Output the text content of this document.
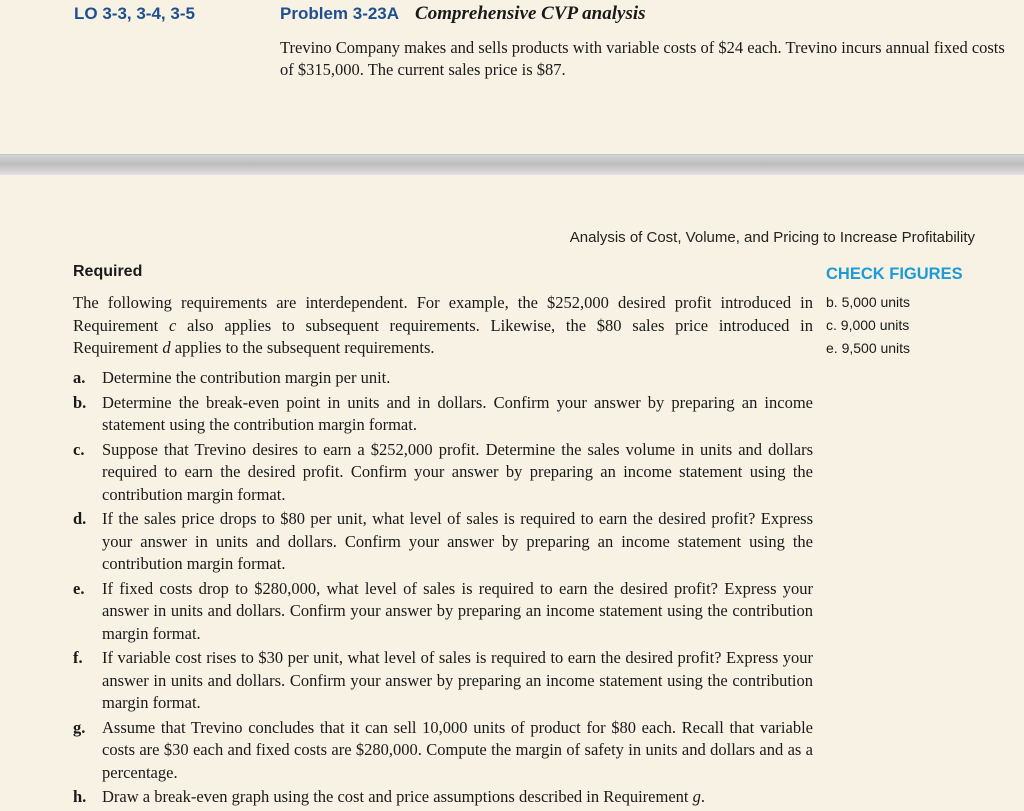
LO 3-3, 3-4, 3-5	Problem 3-23A Comprehensive CVP analysis
Trevino Company makes and sells products with variable costs of $24 each. Trevino incurs annual fixed costs of $315,000. The current sales price is $87.
Analysis of Cost, Volume, and Pricing to Increase Profitability
Required
The following requirements are interdependent. For example, the $252,000 desired profit introduced in Requirement c also applies to subsequent requirements. Likewise, the $80 sales price introduced in Requirement d applies to the subsequent requirements.
CHECK FIGURES
b. 5,000 units
c. 9,000 units
e. 9,500 units
a.	Determine the contribution margin per unit.
b. Determine the break-even point in units and in dollars. Confirm your answer by preparing an income statement using the contribution margin format.
c.	Suppose that Trevino desires to earn a $252,000 profit. Determine the sales volume in units and dollars required to earn the desired profit. Confirm your answer by preparing an income statement using the contribution margin format.
d. If the sales price drops to $80 per unit, what level of sales is required to earn the desired profit? Express your answer in units and dollars. Confirm your answer by preparing an income statement using the contribution margin format.
e.	If fixed costs drop to $280,000, what level of sales is required to earn the desired profit? Express your answer in units and dollars. Confirm your answer by preparing an income statement using the contribution margin format.
f.	If variable cost rises to $30 per unit, what level of sales is required to earn the desired profit? Express your answer in units and dollars. Confirm your answer by preparing an income statement using the contribution margin format.
g.	Assume that Trevino concludes that it can sell 10,000 units of product for $80 each. Recall that variable costs are $30 each and fixed costs are $280,000. Compute the margin of safety in units and dollars and as a percentage.
h. Draw a break-even graph using the cost and price assumptions described in Requirement g.
